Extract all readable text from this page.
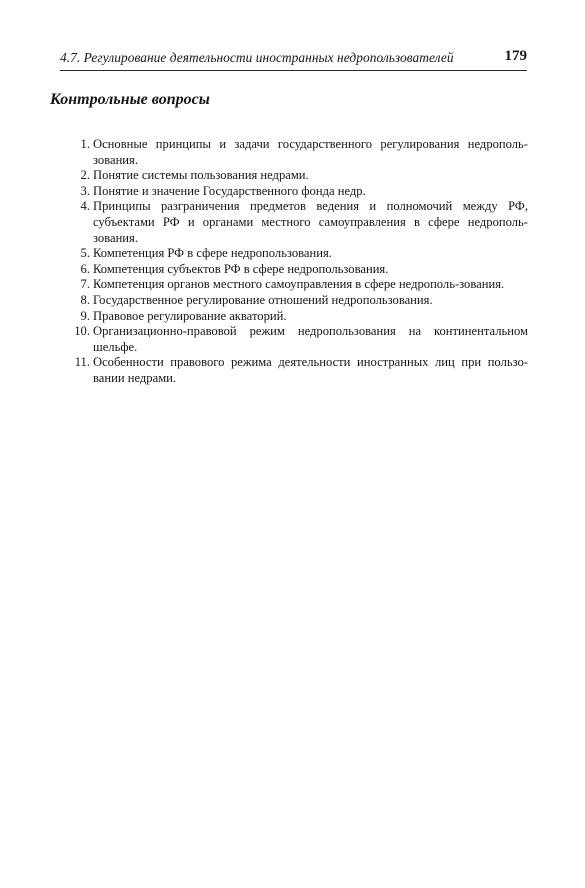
4.7. Регулирование деятельности иностранных недропользователей	179
Контрольные вопросы
1. Основные принципы и задачи государственного регулирования недрополь-зования.
2. Понятие системы пользования недрами.
3. Понятие и значение Государственного фонда недр.
4. Принципы разграничения предметов ведения и полномочий между РФ, субъектами РФ и органами местного самоуправления в сфере недрополь-зования.
5. Компетенция РФ в сфере недропользования.
6. Компетенция субъектов РФ в сфере недропользования.
7. Компетенция органов местного самоуправления в сфере недрополь-зования.
8. Государственное регулирование отношений недропользования.
9. Правовое регулирование акваторий.
10. Организационно-правовой режим недропользования на континентальном шельфе.
11. Особенности правового режима деятельности иностранных лиц при пользо-вании недрами.
